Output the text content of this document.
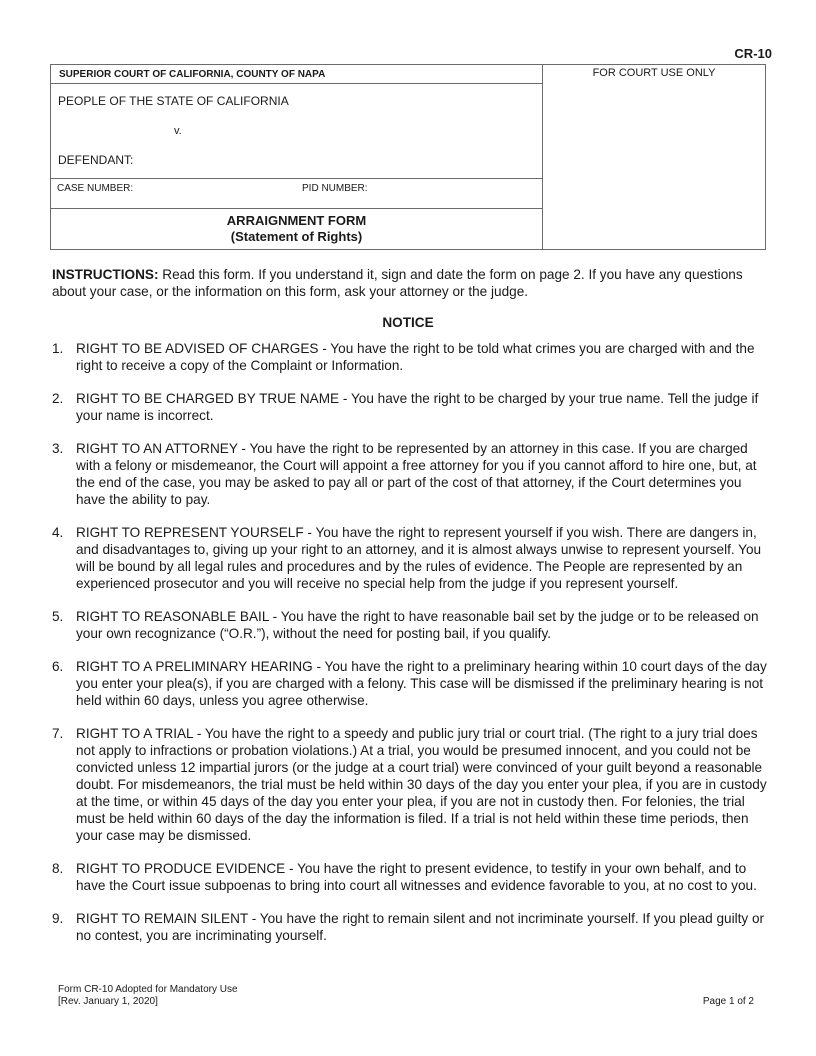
CR-10
SUPERIOR COURT OF CALIFORNIA, COUNTY OF NAPA
PEOPLE OF THE STATE OF CALIFORNIA
v.
DEFENDANT:
CASE NUMBER:	PID NUMBER:
ARRAIGNMENT FORM
(Statement of Rights)
FOR COURT USE ONLY
INSTRUCTIONS: Read this form. If you understand it, sign and date the form on page 2. If you have any questions about your case, or the information on this form, ask your attorney or the judge.
NOTICE
1. RIGHT TO BE ADVISED OF CHARGES - You have the right to be told what crimes you are charged with and the right to receive a copy of the Complaint or Information.
2. RIGHT TO BE CHARGED BY TRUE NAME - You have the right to be charged by your true name. Tell the judge if your name is incorrect.
3. RIGHT TO AN ATTORNEY - You have the right to be represented by an attorney in this case. If you are charged with a felony or misdemeanor, the Court will appoint a free attorney for you if you cannot afford to hire one, but, at the end of the case, you may be asked to pay all or part of the cost of that attorney, if the Court determines you have the ability to pay.
4. RIGHT TO REPRESENT YOURSELF - You have the right to represent yourself if you wish. There are dangers in, and disadvantages to, giving up your right to an attorney, and it is almost always unwise to represent yourself. You will be bound by all legal rules and procedures and by the rules of evidence. The People are represented by an experienced prosecutor and you will receive no special help from the judge if you represent yourself.
5. RIGHT TO REASONABLE BAIL - You have the right to have reasonable bail set by the judge or to be released on your own recognizance (“O.R.”), without the need for posting bail, if you qualify.
6. RIGHT TO A PRELIMINARY HEARING - You have the right to a preliminary hearing within 10 court days of the day you enter your plea(s), if you are charged with a felony. This case will be dismissed if the preliminary hearing is not held within 60 days, unless you agree otherwise.
7. RIGHT TO A TRIAL - You have the right to a speedy and public jury trial or court trial. (The right to a jury trial does not apply to infractions or probation violations.) At a trial, you would be presumed innocent, and you could not be convicted unless 12 impartial jurors (or the judge at a court trial) were convinced of your guilt beyond a reasonable doubt. For misdemeanors, the trial must be held within 30 days of the day you enter your plea, if you are in custody at the time, or within 45 days of the day you enter your plea, if you are not in custody then. For felonies, the trial must be held within 60 days of the day the information is filed. If a trial is not held within these time periods, then your case may be dismissed.
8. RIGHT TO PRODUCE EVIDENCE - You have the right to present evidence, to testify in your own behalf, and to have the Court issue subpoenas to bring into court all witnesses and evidence favorable to you, at no cost to you.
9. RIGHT TO REMAIN SILENT - You have the right to remain silent and not incriminate yourself. If you plead guilty or no contest, you are incriminating yourself.
Form CR-10 Adopted for Mandatory Use
[Rev. January 1, 2020]	Page 1 of 2
